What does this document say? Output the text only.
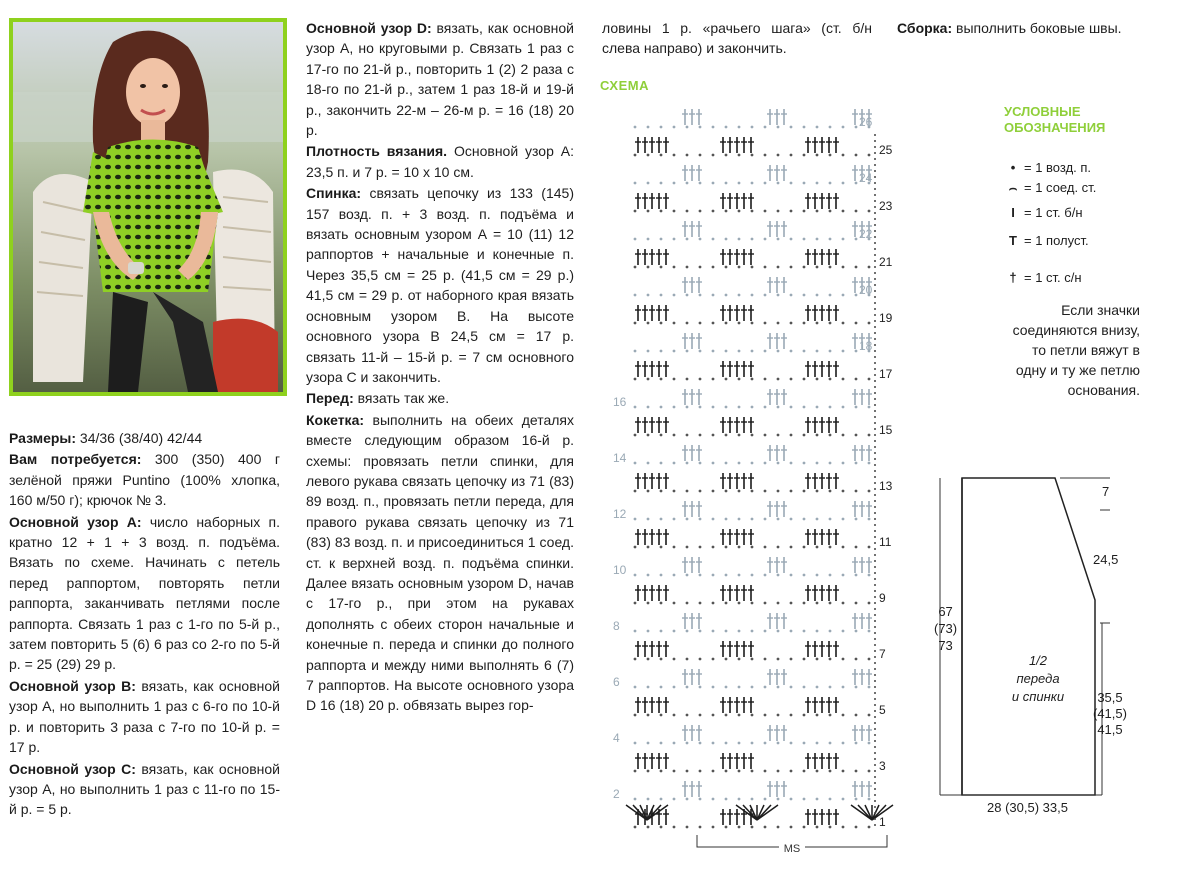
Размеры: 34/36 (38/40) 42/44

Вам потребуется: 300 (350) 400 г зелёной пряжи Puntino (100% хлопка, 160 м/50 г); крючок № 3.

Основной узор А: число наборных п. кратно 12 + 1 + 3 возд. п. подъёма. Вязать по схеме. Начинать с петель перед раппортом, повторять петли раппорта, заканчивать петлями после раппорта. Связать 1 раз с 1-го по 5-й р., затем повторить 5 (6) 6 раз со 2-го по 5-й р. = 25 (29) 29 р.

Основной узор В: вязать, как основной узор А, но выполнить 1 раз с 6-го по 10-й р. и повторить 3 раза с 7-го по 10-й р. = 17 р.

Основной узор С: вязать, как основной узор А, но выполнить 1 раз с 11-го по 15-й р. = 5 р.

Основной узор D: вязать, как основной узор А, но круговыми р. Связать 1 раз с 17-го по 21-й р., повторить 1 (2) 2 раза с 18-го по 21-й р., затем 1 раз 18-й и 19-й р., закончить 22-м – 26-м р. = 16 (18) 20 р.

Плотность вязания. Основной узор А: 23,5 п. и 7 р. = 10 х 10 см.

Спинка: связать цепочку из 133 (145) 157 возд. п. + 3 возд. п. подъёма и вязать основным узором А = 10 (11) 12 раппортов + начальные и конечные п. Через 35,5 см = 25 р. (41,5 см = 29 р.) 41,5 см = 29 р. от наборного края вязать основным узором В. На высоте основного узора В 24,5 см = 17 р. связать 11-й – 15-й р. = 7 см основного узора С и закончить.

Перед: вязать так же.

Кокетка: выполнить на обеих деталях вместе следующим образом 16-й р. схемы: провязать петли спинки, для левого рукава связать цепочку из 71 (83) 89 возд. п., провязать петли переда, для правого рукава связать цепочку из 71 (83) 83 возд. п. и присоединиться 1 соед. ст. к верхней возд. п. подъёма спинки. Далее вязать основным узором D, начав с 17-го р., при этом на рукавах дополнять с обеих сторон начальные и конечные п. переда и спинки до полного раппорта и между ними выполнять 6 (7) 7 раппортов. На высоте основного узора D 16 (18) 20 р. обвязать вырез гор-

ловины 1 р. «рачьего шага» (ст. б/н слева направо) и закончить.

Сборка: выполнить боковые швы.

СХЕМА
1
3
5
7
9
11
13
15
17
19
21
23
25
2
4
6
8
10
12
14
16
18
20
22
24
26
MS
УСЛОВНЫЕ ОБОЗНАЧЕНИЯ
• = 1 возд. п.
⌢ = 1 соед. ст.
I = 1 ст. б/н
T = 1 полуст.
† = 1 ст. с/н
Если значки соединяются внизу, то петли вяжут в одну и ту же петлю основания.
7
24,5
67
(73)
73
35,5
(41,5)
41,5
28 (30,5) 33,5
1/2
переда
и спинки
